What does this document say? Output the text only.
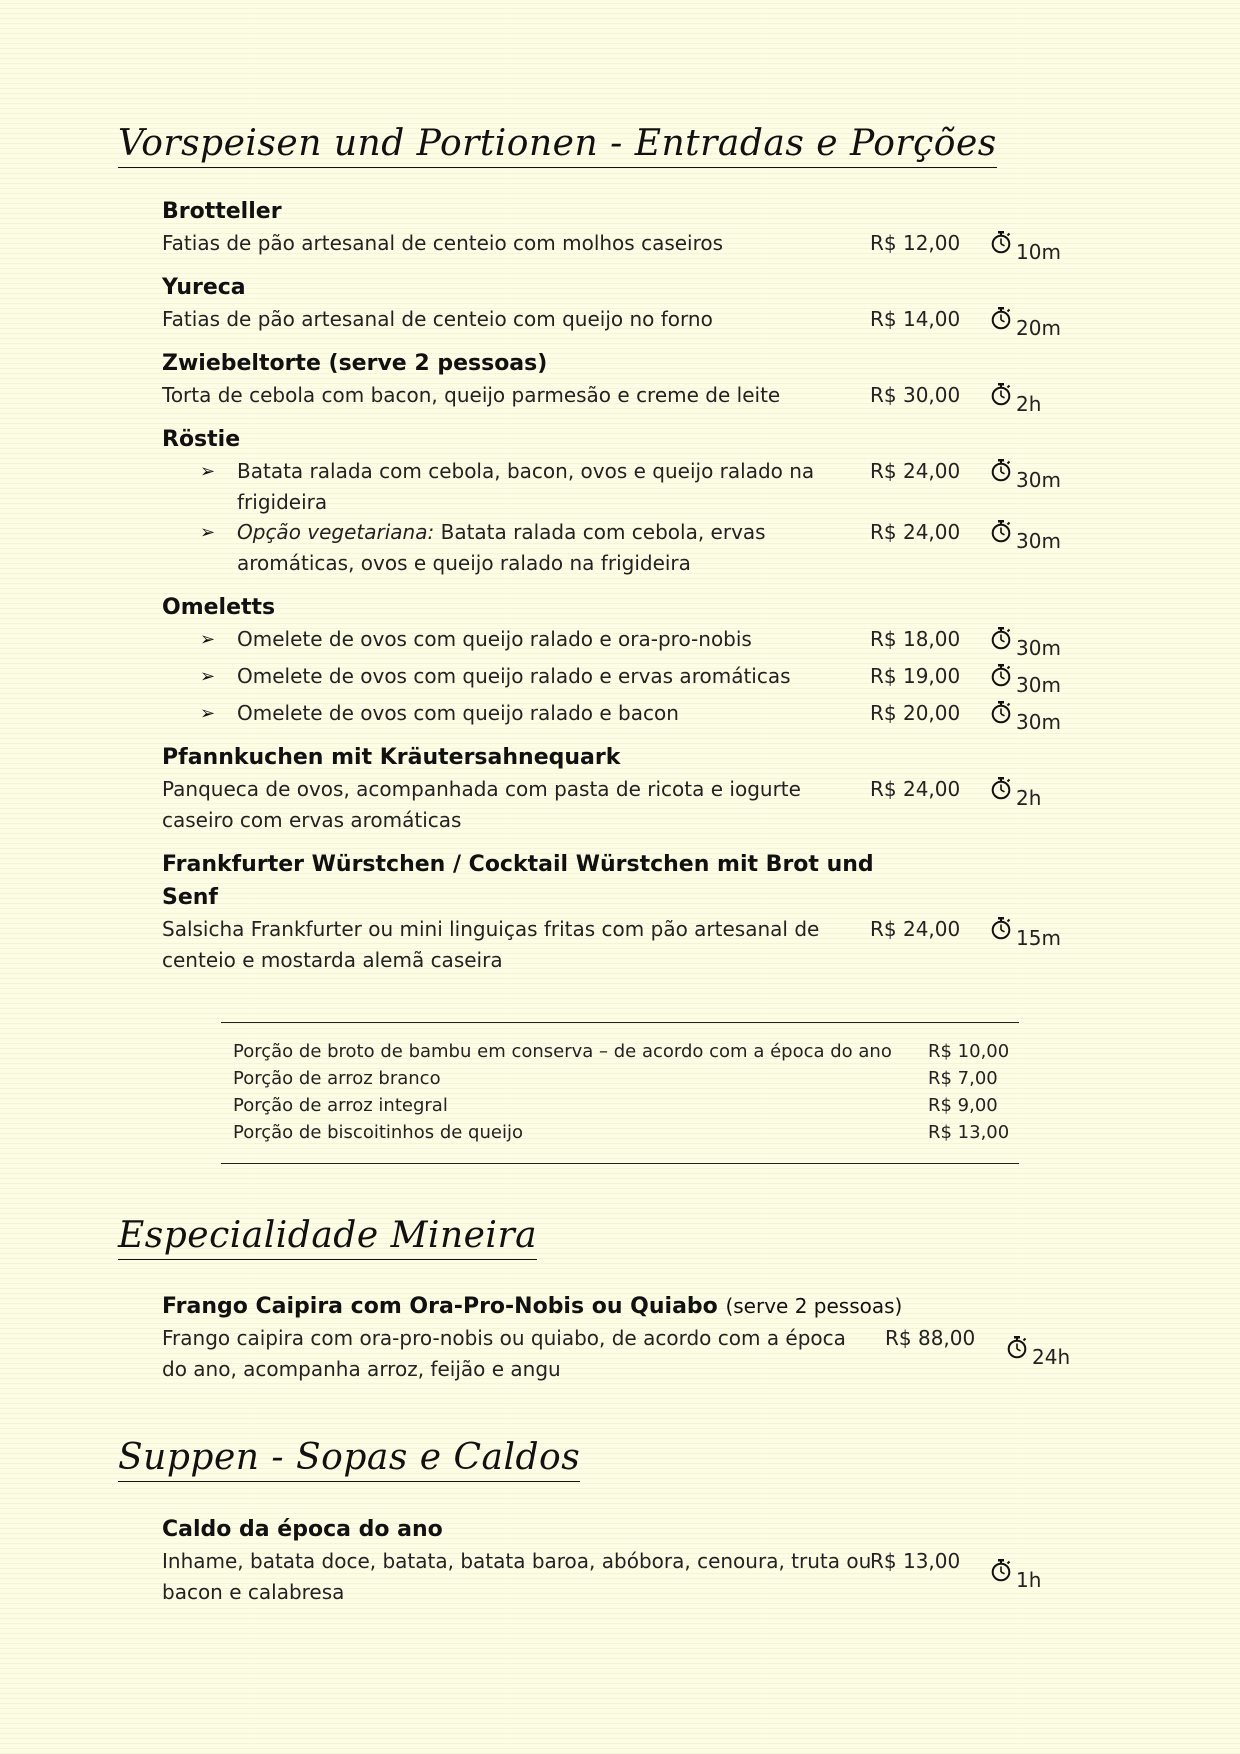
Vorspeisen und Portionen - Entradas e Porções
Brotteller
Fatias de pão artesanal de centeio com molhos caseiros	R$ 12,00	10m
Yureca
Fatias de pão artesanal de centeio com queijo no forno	R$ 14,00	20m
Zwiebeltorte (serve 2 pessoas)
Torta de cebola com bacon, queijo parmesão e creme de leite	R$ 30,00	2h
Röstie
➢ Batata ralada com cebola, bacon, ovos e queijo ralado na
frigideira
R$ 24,00	30m
➢ Opção vegetariana: Batata ralada com cebola, ervas
aromáticas, ovos e queijo ralado na frigideira
R$ 24,00	30m
Omeletts
➢ Omelete de ovos com queijo ralado e ora-pro-nobis	R$ 18,00	30m
➢ Omelete de ovos com queijo ralado e ervas aromáticas	R$ 19,00	30m
➢ Omelete de ovos com queijo ralado e bacon	R$ 20,00	30m
Pfannkuchen mit Kräutersahnequark
Panqueca de ovos, acompanhada com pasta de ricota e iogurte
caseiro com ervas aromáticas
R$ 24,00	2h
Frankfurter Würstchen / Cocktail Würstchen mit Brot und
Senf
Salsicha Frankfurter ou mini linguiças fritas com pão artesanal de
centeio e mostarda alemã caseira
R$ 24,00	15m
Porção de broto de bambu em conserva – de acordo com a época do ano R$ 10,00
Porção de arroz branco	R$ 7,00
Porção de arroz integral	R$ 9,00
Porção de biscoitinhos de queijo	R$ 13,00
Especialidade Mineira
Frango Caipira com Ora-Pro-Nobis ou Quiabo (serve 2 pessoas)
Frango caipira com ora-pro-nobis ou quiabo, de acordo com a época
do ano, acompanha arroz, feijão e angu
R$ 88,00
24h
Suppen - Sopas e Caldos
Caldo da época do ano
Inhame, batata doce, batata, batata baroa, abóbora, cenoura, truta ou
bacon e calabresa
R$ 13,00
1h
